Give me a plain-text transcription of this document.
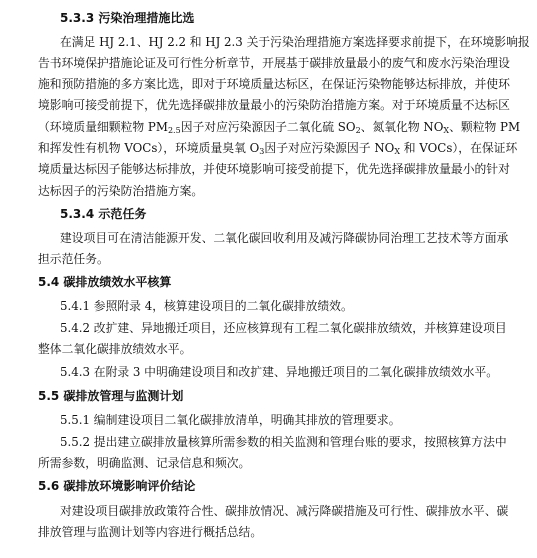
5.3.3 污染治理措施比选
在满足 HJ 2.1、HJ 2.2 和 HJ 2.3 关于污染治理措施方案选择要求前提下，在环境影响报
告书环境保护措施论证及可行性分析章节，开展基于碳排放量最小的废气和废水污染治理设
施和预防措施的多方案比选，即对于环境质量达标区，在保证污染物能够达标排放，并使环
境影响可接受前提下，优先选择碳排放量最小的污染防治措施方案。对于环境质量不达标区
（环境质量细颗粒物 $PM_{2.5}$因子对应污染源因子二氧化硫 $SO_2$、氮氧化物 $NO_X$、颗粒物 PM
和挥发性有机物 VOCs），环境质量臭氧 $O_3$因子对应污染源因子 $NO_X$ 和 VOCs），在保证环
境质量达标因子能够达标排放，并使环境影响可接受前提下，优先选择碳排放量最小的针对
达标因子的污染防治措施方案。
5.3.4 示范任务
建设项目可在清洁能源开发、二氧化碳回收利用及减污降碳协同治理工艺技术等方面承
担示范任务。
5.4 碳排放绩效水平核算
5.4.1 参照附录 4，核算建设项目的二氧化碳排放绩效。
5.4.2 改扩建、异地搬迁项目，还应核算现有工程二氧化碳排放绩效，并核算建设项目
整体二氧化碳排放绩效水平。
5.4.3 在附录 3 中明确建设项目和改扩建、异地搬迁项目的二氧化碳排放绩效水平。
5.5 碳排放管理与监测计划
5.5.1 编制建设项目二氧化碳排放清单，明确其排放的管理要求。
5.5.2 提出建立碳排放量核算所需参数的相关监测和管理台账的要求，按照核算方法中
所需参数，明确监测、记录信息和频次。
5.6 碳排放环境影响评价结论
对建设项目碳排放政策符合性、碳排放情况、减污降碳措施及可行性、碳排放水平、碳
排放管理与监测计划等内容进行概括总结。
